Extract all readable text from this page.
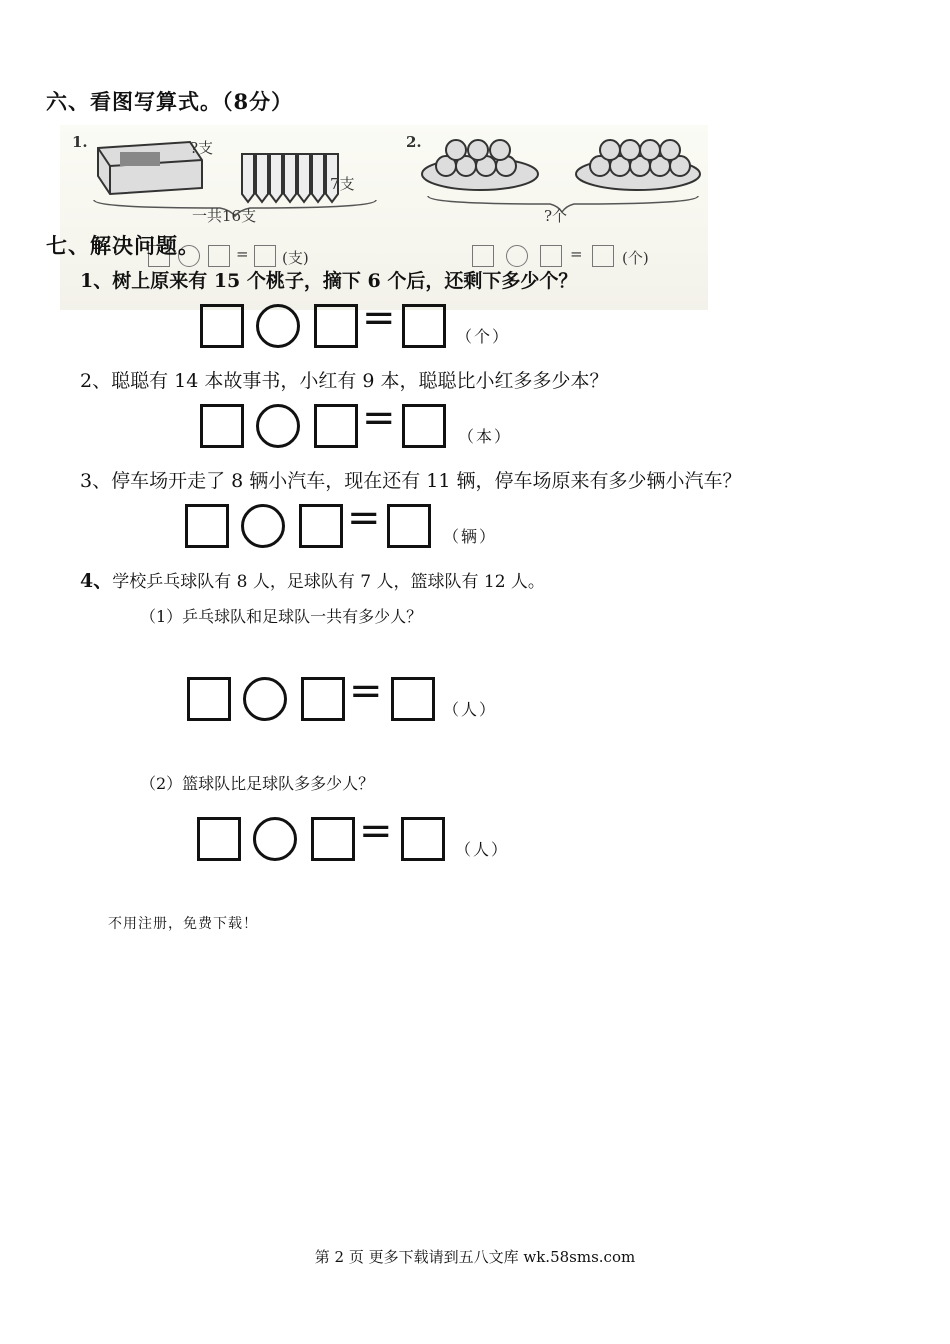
六、看图写算式。（8分）
1.	?支
7支
一共16支
= (支)
2.
?个
=	(个)
七、解决问题。
1、树上原来有 15 个桃子，摘下 6 个后，还剩下多少个？
=	（个）
2、聪聪有 14 本故事书，小红有 9 本，聪聪比小红多多少本？
=	（本）
3、停车场开走了 8 辆小汽车，现在还有 11 辆，停车场原来有多少辆小汽车？
=	（辆）
4、学校乒乓球队有 8 人，足球队有 7 人，篮球队有 12 人。
（1）乒乓球队和足球队一共有多少人？
=	（人）
（2）篮球队比足球队多多少人？
=	（人）
不用注册，免费下载！
第 2 页 更多下载请到五八文库 wk.58sms.com
